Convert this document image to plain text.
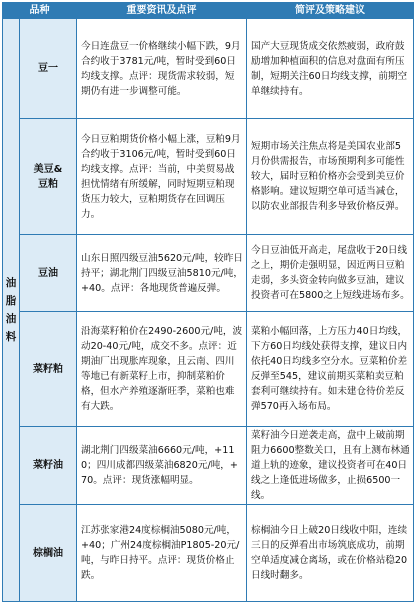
品种		重要资讯及点评	简评及策略建议
油脂油料	豆一	今日连盘豆一价格继续小幅下跌，9月合约收于3781元/吨，暂时受到60日均线支撑。点评：现货需求较弱，短期仍有进一步调整可能。	国产大豆现货成交依然疲弱，政府鼓励增加种植面积的信息对盘面有所压制，短期关注60日均线支撑，前期空单继续持有。

	美豆&豆粕	今日豆粕期货价格小幅上涨，豆粕9月合约收于3106元/吨，暂时受到60日均线支撑。点评：当前，中美贸易战担忧情绪有所缓解，同时短期豆粕现货压力较大，豆粕期货存在回调压力。	短期市场关注焦点将是美国农业部5月份供需报告，市场预期利多可能性较大，届时豆粕价格亦会受到美豆价格影响。建议短期空单可适当减仓，以防农业部报告利多导致价格反弹。

	豆油	山东日照四级豆油5620元/吨，较昨日持平；湖北荆门四级豆油5810元/吨，+40。点评：各地现货普遍反弹。	今日豆油低开高走，尾盘收于20日线之上，期价走强明显，因近两日豆粕走弱，多头资金转向做多豆油，建议投资者可在5800之上短线进场布多。

	菜籽粕	沿海菜籽粕价在2490-2600元/吨，波动20-40元/吨，成交不多。点评：近期油厂出现胀库现象，且云南、四川等地已有新菜籽上市，抑制菜粕价格，但水产养殖逐渐旺季，菜粕也难有大跌。	菜粕小幅回落，上方压力40日均线，下方60日均线处获得支撑，建议日内依托40日均线多空分水。豆菜粕价差反弹至545，建议前期买菜粕卖豆粕套利可继续持有。如未建仓待价差反弹570再入场布局。

	菜籽油	湖北荆门四级菜油6660元/吨，+110；四川成都四级菜油6820元/吨，+70。点评：现货涨幅明显。	菜籽油今日逆袭走高，盘中上破前期阻力6600整数关口，且有上测布林通道上轨的迹象，建议投资者可在40日线之上逢低进场做多，止损6500一线。

	棕榈油	江苏张家港24度棕榈油5080元/吨，+40；广州24度棕榈油P1805-20元/吨，与昨日持平。点评：现货价格止跌。	棕榈油今日上破20日线收中阳，连续三日的反弹看出市场筑底成功，前期空单适度减仓离场，或在价格站稳20日线时翻多。
